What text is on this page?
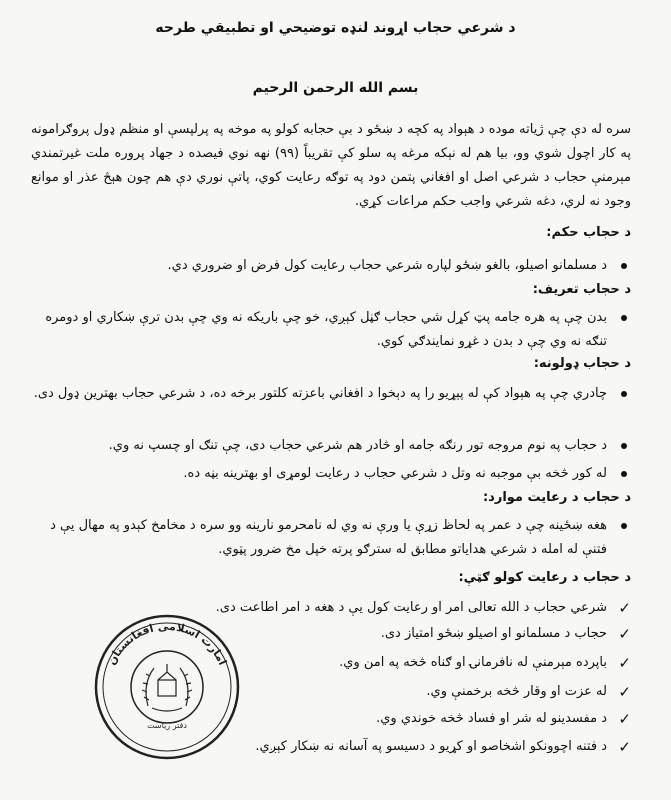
د شرعي حجاب اړوند لنډه توضیحي او تطبیقي طرحه
بسم الله الرحمن الرحیم
سره له دې چې ژیاته موده د هېواد په کچه د ښځو د بې حجابه کولو په موخه په پرلپسې او منظم ډول پروګرامونه په کار اچول شوي وو، بیا هم له نېکه مرغه په سلو کې تقریباً (۹۹) نهه نوي فیصده د جهاد پروره ملت غیرتمندي مېرمنې حجاب د شرعي اصل او افغاني پتمن دود په توګه رعایت کوي، پاتې نوري دې هم چون هېڅ عذر او موانع وجود نه لري، دغه شرعي واجب حکم مراعات کړي.
د حجاب حکم:
د مسلمانو اصیلو، بالغو ښځو لپاره شرعي حجاب رعایت کول فرض او ضروري دي.
د حجاب تعریف:
بدن چې په هره جامه پټ کړل شي حجاب ګڼل کېږي، خو چې باریکه نه وي چې بدن ترې ښکاري او دومره تنګه نه وي چې د بدن د غړو نمایندګي کوي.
د حجاب ډولونه:
چادري چې په هېواد کې له پېړیو را په دېخوا د افغاني باعزته کلتور برخه ده، د شرعي حجاب بهترین ډول دی.
د حجاب په نوم مروجه تور رنګه جامه او څادر هم شرعي حجاب دی، چې تنګ او چسپ نه وي.
له کور څخه بې موجبه نه وتل د شرعي حجاب د رعایت لومړی او بهترینه بڼه ده.
د حجاب د رعایت موارد:
هغه ښځینه چې د عمر په لحاظ زړې یا ورې نه وي له نامحرمو نارینه وو سره د مخامخ کېدو په مهال یې د فتنې له امله د شرعي هدایاتو مطابق له سترګو پرته خپل مخ ضرور پټوي.
د حجاب د رعایت کولو ګټې:
✓
شرعي حجاب د الله تعالی امر او رعایت کول یې د هغه د امر اطاعت دی.
✓
حجاب د مسلمانو او اصیلو ښځو امتیاز دی.
✓
باپرده مېرمنې له نافرمانۍ او ګناه څخه په امن وي.
✓
له عزت او وقار څخه برخمنې وي.
✓
د مفسدینو له شر او فساد څخه خوندي وي.
✓
د فتنه اچوونکو اشخاصو او کړیو د دسیسو په آسانه نه ښکار کېږي.
امارت اسلامی افغانستان
دفتر ریاست
